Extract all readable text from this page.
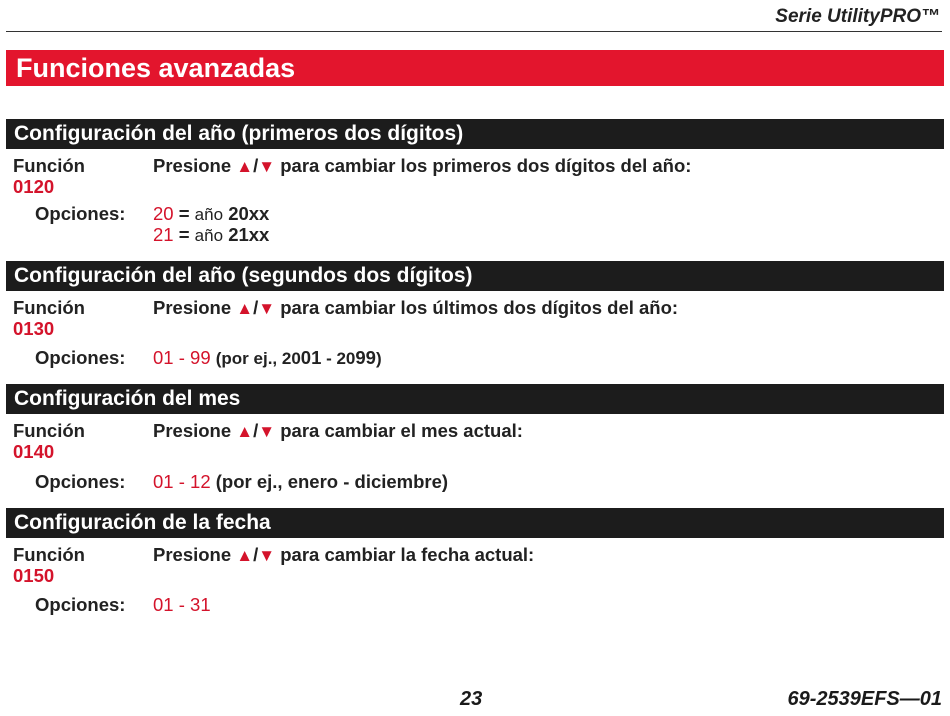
Serie UtilityPRO™
Funciones avanzadas
Configuración del año (primeros dos dígitos)
Función
0120
Presione ▲/▼ para cambiar los primeros dos dígitos del año:
Opciones: 20 = año 20xx
21 = año 21xx
Configuración del año (segundos dos dígitos)
Función
0130
Presione ▲/▼ para cambiar los últimos dos dígitos del año:
Opciones: 01 - 99 (por ej., 2001 - 2099)
Configuración del mes
Función
0140
Presione ▲/▼ para cambiar el mes actual:
Opciones: 01 - 12 (por ej., enero - diciembre)
Configuración de la fecha
Función
0150
Presione ▲/▼ para cambiar la fecha actual:
Opciones: 01 - 31
23	69-2539EFS—01
